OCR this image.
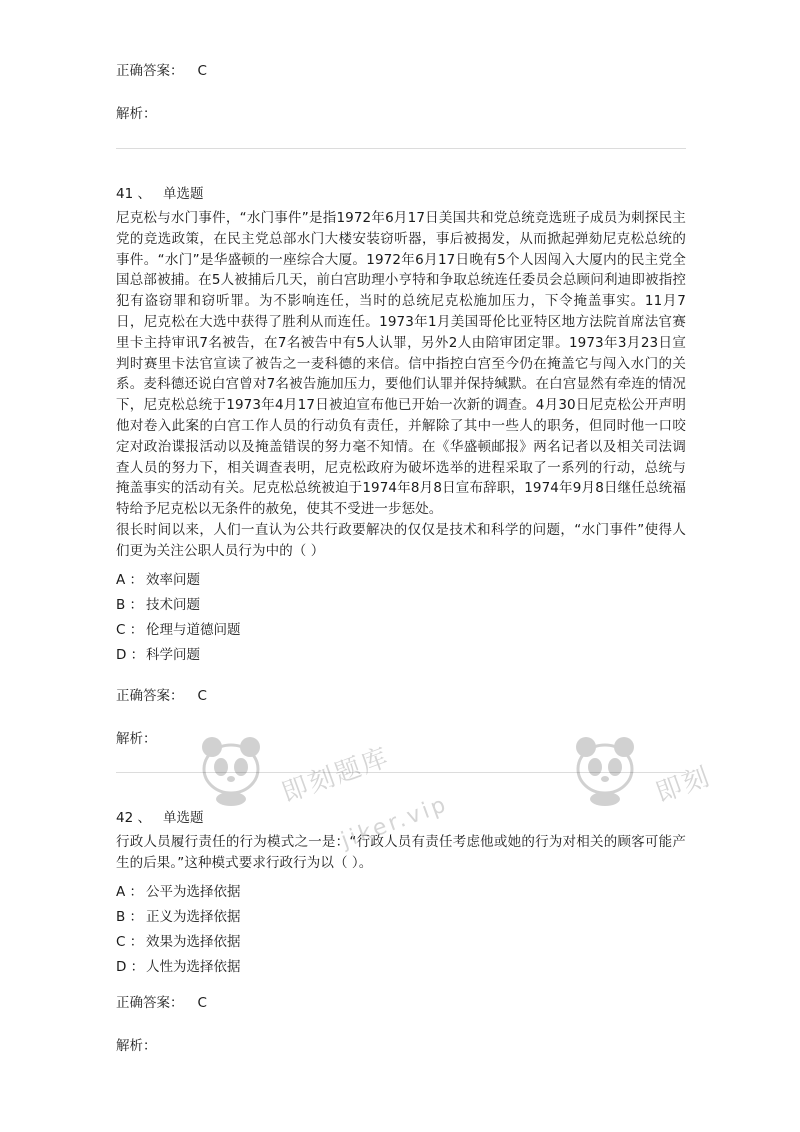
正确答案： C
解析：
41 、 单选题

尼克松与水门事件，“水门事件”是指1972年6月17日美国共和党总统竞选班子成员为刺探民主党的竞选政策，在民主党总部水门大楼安装窃听器，事后被揭发，从而掀起弹劾尼克松总统的事件。“水门”是华盛顿的一座综合大厦。1972年6月17日晚有5个人因闯入大厦内的民主党全国总部被捕。在5人被捕后几天，前白宫助理小亨特和争取总统连任委员会总顾问利迪即被指控犯有盗窃罪和窃听罪。为不影响连任，当时的总统尼克松施加压力，下令掩盖事实。11月7日，尼克松在大选中获得了胜利从而连任。1973年1月美国哥伦比亚特区地方法院首席法官赛里卡主持审讯7名被告，在7名被告中有5人认罪，另外2人由陪审团定罪。1973年3月23日宣判时赛里卡法官宣读了被告之一麦科德的来信。信中指控白宫至今仍在掩盖它与闯入水门的关系。麦科德还说白宫曾对7名被告施加压力，要他们认罪并保持缄默。在白宫显然有牵连的情况下，尼克松总统于1973年4月17日被迫宣布他已开始一次新的调查。4月30日尼克松公开声明他对卷入此案的白宫工作人员的行动负有责任，并解除了其中一些人的职务，但同时他一口咬定对政治谍报活动以及掩盖错误的努力毫不知情。在《华盛顿邮报》两名记者以及相关司法调查人员的努力下，相关调查表明，尼克松政府为破坏选举的进程采取了一系列的行动，总统与掩盖事实的活动有关。尼克松总统被迫于1974年8月8日宣布辞职，1974年9月8日继任总统福特给予尼克松以无条件的赦免，使其不受进一步惩处。

很长时间以来，人们一直认为公共行政要解决的仅仅是技术和科学的问题，“水门事件”使得人们更为关注公职人员行为中的（ ）

A ： 效率问题
B ： 技术问题
C ： 伦理与道德问题
D ： 科学问题
正确答案： C
解析：
42 、 单选题

行政人员履行责任的行为模式之一是：“行政人员有责任考虑他或她的行为对相关的顾客可能产生的后果。”这种模式要求行政行为以（ ）。

A ： 公平为选择依据
B ： 正义为选择依据
C ： 效果为选择依据
D ： 人性为选择依据
正确答案： C
解析：
即刻题库
jiker.vip
即刻
